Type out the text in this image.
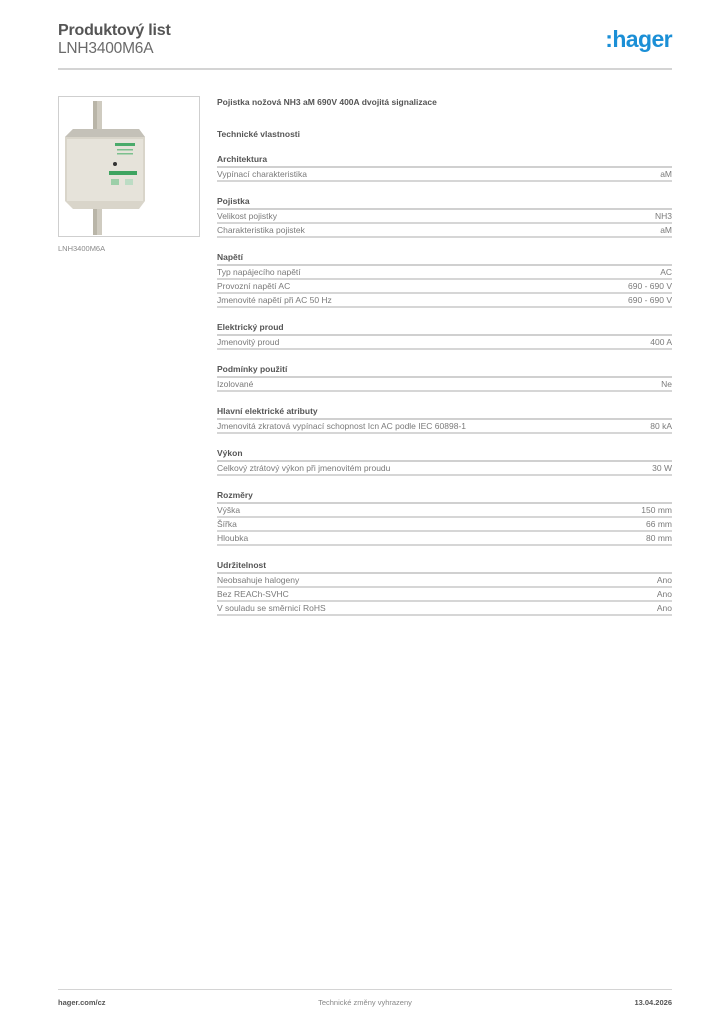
Produktový list
LNH3400M6A	:hager
LNH3400M6A
Pojistka nožová NH3 aM 690V 400A dvojitá signalizace
Technické vlastnosti
Architektura
Vypínací charakteristika	aM
Pojistka
Velikost pojistky	NH3
Charakteristika pojistek	aM
Napětí
Typ napájecího napětí	AC
Provozní napětí AC	690 - 690 V
Jmenovité napětí při AC 50 Hz	690 - 690 V
Elektrický proud
Jmenovitý proud	400 A
Podmínky použití
Izolované	Ne
Hlavní elektrické atributy
Jmenovitá zkratová vypínací schopnost Icn AC podle IEC 60898-1	80 kA
Výkon
Celkový ztrátový výkon při jmenovitém proudu	30 W
Rozměry
Výška	150 mm
Šířka	66 mm
Hloubka	80 mm
Udržitelnost
Neobsahuje halogeny	Ano
Bez REACh-SVHC	Ano
V souladu se směrnicí RoHS	Ano
hager.com/cz	Technické změny vyhrazeny	13.04.2026
